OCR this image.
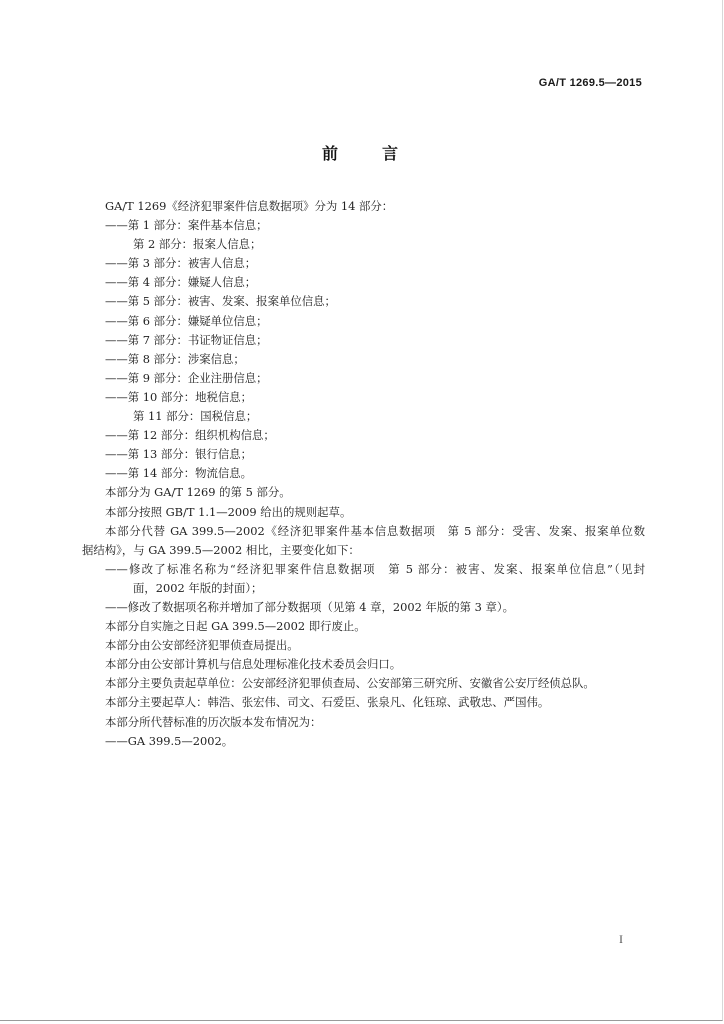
GA/T 1269.5—2015
前　　言
GA/T 1269《经济犯罪案件信息数据项》分为 14 部分：
——第 1 部分：案件基本信息；
第 2 部分：报案人信息；
——第 3 部分：被害人信息；
——第 4 部分：嫌疑人信息；
——第 5 部分：被害、发案、报案单位信息；
——第 6 部分：嫌疑单位信息；
——第 7 部分：书证物证信息；
——第 8 部分：涉案信息；
——第 9 部分：企业注册信息；
——第 10 部分：地税信息；
第 11 部分：国税信息；
——第 12 部分：组织机构信息；
——第 13 部分：银行信息；
——第 14 部分：物流信息。
本部分为 GA/T 1269 的第 5 部分。
本部分按照 GB/T 1.1—2009 给出的规则起草。
本部分代替 GA 399.5—2002《经济犯罪案件基本信息数据项　第 5 部分：受害、发案、报案单位数
据结构》，与 GA 399.5—2002 相比，主要变化如下：
——修改了标准名称为“经济犯罪案件信息数据项　第 5 部分：被害、发案、报案单位信息”（见封
面，2002 年版的封面）；
——修改了数据项名称并增加了部分数据项（见第 4 章，2002 年版的第 3 章）。
本部分自实施之日起 GA 399.5—2002 即行废止。
本部分由公安部经济犯罪侦查局提出。
本部分由公安部计算机与信息处理标准化技术委员会归口。
本部分主要负责起草单位：公安部经济犯罪侦查局、公安部第三研究所、安徽省公安厅经侦总队。
本部分主要起草人：韩浩、张宏伟、司文、石爱臣、张泉凡、化钰琼、武敬忠、严国伟。
本部分所代替标准的历次版本发布情况为：
——GA 399.5—2002。
I
